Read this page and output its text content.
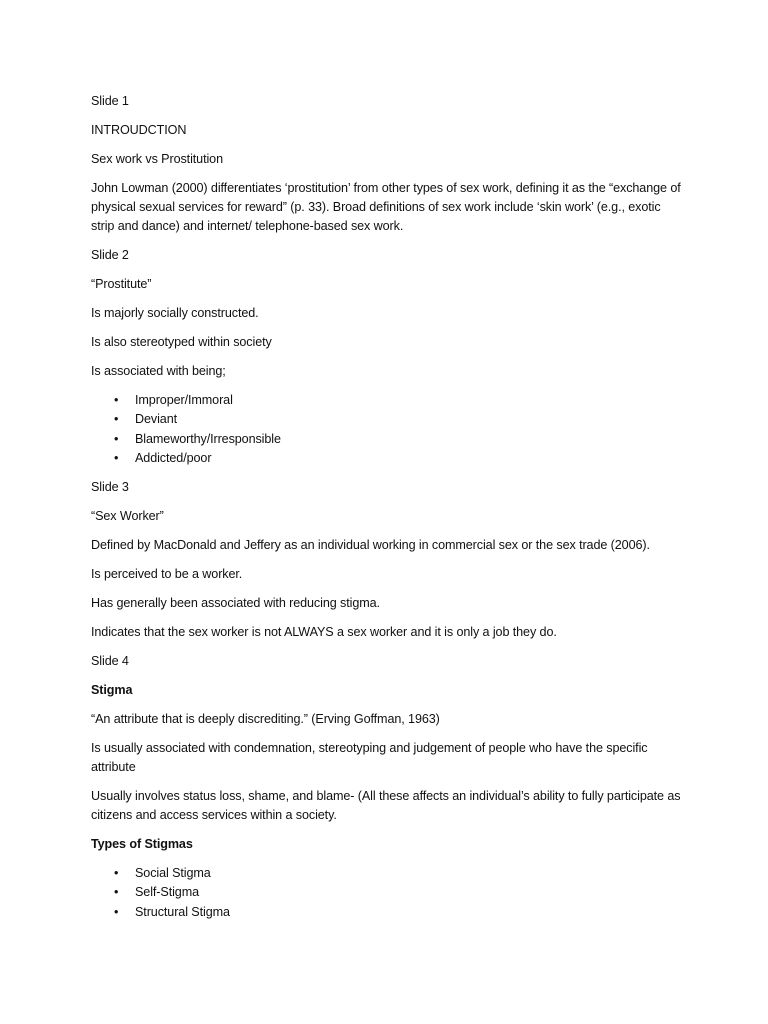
Slide 1
INTROUDCTION
Sex work vs Prostitution
John Lowman (2000) differentiates ‘prostitution’ from other types of sex work, defining it as the “exchange of physical sexual services for reward” (p. 33). Broad definitions of sex work include ‘skin work’ (e.g., exotic strip and dance) and internet/ telephone-based sex work.
Slide 2
“Prostitute”
Is majorly socially constructed.
Is also stereotyped within society
Is associated with being;
• Improper/Immoral
• Deviant
• Blameworthy/Irresponsible
• Addicted/poor
Slide 3
“Sex Worker”
Defined by MacDonald and Jeffery as an individual working in commercial sex or the sex trade (2006).
Is perceived to be a worker.
Has generally been associated with reducing stigma.
Indicates that the sex worker is not ALWAYS a sex worker and it is only a job they do.
Slide 4
Stigma
“An attribute that is deeply discrediting.” (Erving Goffman, 1963)
Is usually associated with condemnation, stereotyping and judgement of people who have the specific attribute
Usually involves status loss, shame, and blame- (All these affects an individual’s ability to fully participate as citizens and access services within a society.
Types of Stigmas
• Social Stigma
• Self-Stigma
• Structural Stigma
